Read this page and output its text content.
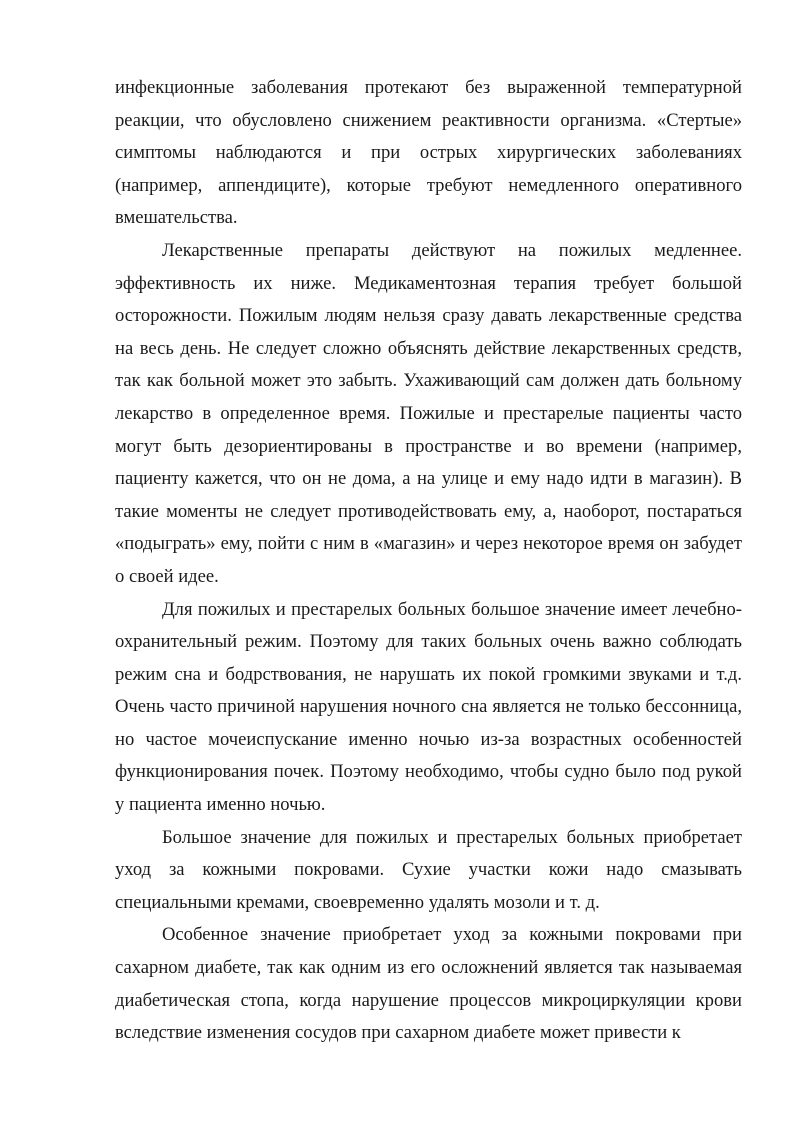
инфекционные заболевания протекают без выраженной температурной реакции, что обусловлено снижением реактивности организма. «Стертые» симптомы наблюдаются и при острых хирургических заболеваниях (например, аппендиците), которые требуют немедленного оперативного вмешательства.

Лекарственные препараты действуют на пожилых медленнее. эффективность их ниже. Медикаментозная терапия требует большой осторожности. Пожилым людям нельзя сразу давать лекарственные средства на весь день. Не следует сложно объяснять действие лекарственных средств, так как больной может это забыть. Ухаживающий сам должен дать больному лекарство в определенное время. Пожилые и престарелые пациенты часто могут быть дезориентированы в пространстве и во времени (например, пациенту кажется, что он не дома, а на улице и ему надо идти в магазин). В такие моменты не следует противодействовать ему, а, наоборот, постараться «подыграть» ему, пойти с ним в «магазин» и через некоторое время он забудет о своей идее.

Для пожилых и престарелых больных большое значение имеет лечебно-охранительный режим. Поэтому для таких больных очень важно соблюдать режим сна и бодрствования, не нарушать их покой громкими звуками и т.д. Очень часто причиной нарушения ночного сна является не только бессонница, но частое мочеиспускание именно ночью из-за возрастных особенностей функционирования почек. Поэтому необходимо, чтобы судно было под рукой у пациента именно ночью.

Большое значение для пожилых и престарелых больных приобретает уход за кожными покровами. Сухие участки кожи надо смазывать специальными кремами, своевременно удалять мозоли и т. д.

Особенное значение приобретает уход за кожными покровами при сахарном диабете, так как одним из его осложнений является так называемая диабетическая стопа, когда нарушение процессов микроциркуляции крови вследствие изменения сосудов при сахарном диабете может привести к
